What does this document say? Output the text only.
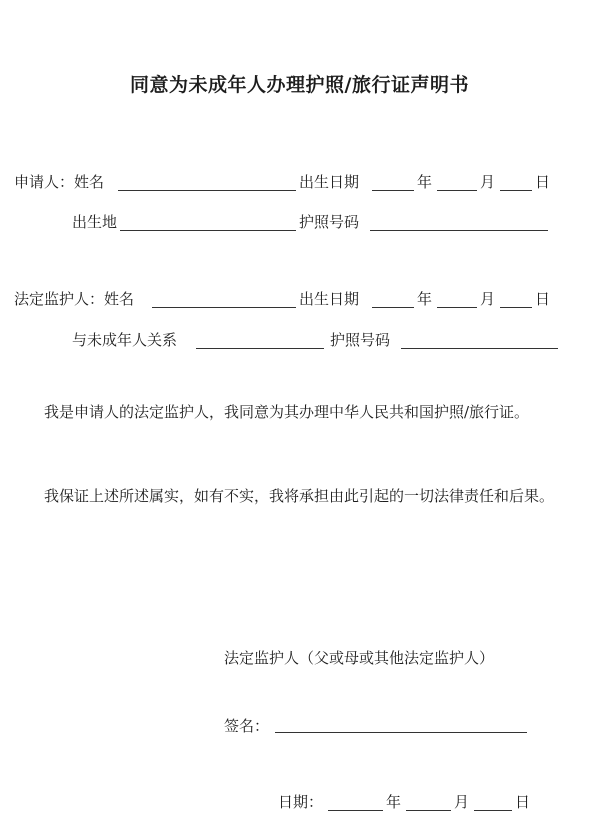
同意为未成年人办理护照/旅行证声明书
申请人：姓名	出生日期	年	月	日
出生地	护照号码
法定监护人：姓名	出生日期	年	月	日
与未成年人关系	护照号码
我是申请人的法定监护人，我同意为其办理中华人民共和国护照/旅行证。
我保证上述所述属实，如有不实，我将承担由此引起的一切法律责任和后果。
法定监护人（父或母或其他法定监护人）
签名：
日期：	年	月	日
